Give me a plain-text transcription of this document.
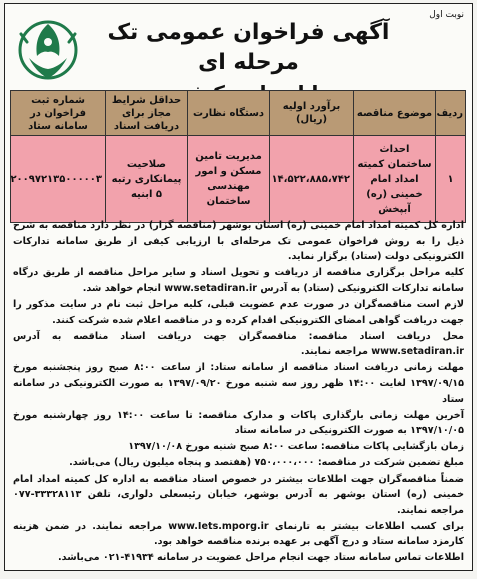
نوبت اول
آگهی فراخوان عمومی تک مرحله ای
ردیف	موضوع مناقصه	برآورد اولیه (ریال)	دستگاه نظارت	حداقل شرایط مجاز برای دریافت اسناد	شماره ثبت فراخوان در سامانه ستاد
۱	احداث ساختمان کمیته امداد امام خمینی (ره) آبپخش	۱۴،۵۲۲،۸۸۵،۷۴۲	مدیریت تامین مسکن و امور مهندسی ساختمان	صلاحیت پیمانکاری رتبه ۵ ابنیه	۲۰۰۹۷۲۱۳۵۰۰۰۰۰۳

اداره کل کمیته امداد امام خمینی (ره) استان بوشهر (مناقصه گزار) در نظر دارد مناقصه به شرح ذیل را به روش فراخوان عمومی تک مرحله‌ای با ارزیابی کیفی از طریق سامانه تدارکات الکترونیکی دولت (ستاد) برگزار نماید.

کلیه مراحل برگزاری مناقصه از دریافت و تحویل اسناد و سایر مراحل مناقصه از طریق درگاه سامانه تدارکات الکترونیکی (ستاد) به آدرس www.setadiran.ir انجام خواهد شد.

لازم است مناقصه‌گران در صورت عدم عضویت قبلی، کلیه مراحل ثبت نام در سایت مذکور را جهت دریافت گواهی امضای الکترونیکی اقدام کرده و در مناقصه اعلام شده شرکت کنند.

محل دریافت اسناد مناقصه: مناقصه‌گران جهت دریافت اسناد مناقصه به آدرس www.setadiran.ir مراجعه نمایند.

مهلت زمانی دریافت اسناد مناقصه از سامانه ستاد: از ساعت ۸:۰۰ صبح روز پنجشنبه مورخ ۱۳۹۷/۰۹/۱۵ لغایت ۱۴:۰۰ ظهر روز سه شنبه مورخ ۱۳۹۷/۰۹/۲۰ به صورت الکترونیکی در سامانه ستاد

آخرین مهلت زمانی بارگذاری پاکات و مدارک مناقصه: تا ساعت ۱۴:۰۰ روز چهارشنبه مورخ ۱۳۹۷/۱۰/۰۵ به صورت الکترونیکی در سامانه ستاد

زمان بازگشایی پاکات مناقصه: ساعت ۸:۰۰ صبح شنبه مورخ ۱۳۹۷/۱۰/۰۸

مبلغ تضمین شرکت در مناقصه: ۷۵۰،۰۰۰،۰۰۰ (هفتصد و پنجاه میلیون ریال) می‌باشد.

ضمناً مناقصه‌گران جهت اطلاعات بیشتر در خصوص اسناد مناقصه به اداره کل کمیته امداد امام خمینی (ره) استان بوشهر به آدرس بوشهر، خیابان رئیسعلی دلواری، تلفن ۳۳۳۲۸۱۱۳-۰۷۷ مراجعه نمایند.

برای کسب اطلاعات بیشتر به تارنمای www.Iets.mporg.ir مراجعه نمایند. در ضمن هزینه کارمزد سامانه ستاد و درج آگهی بر عهده برنده مناقصه خواهد بود.

اطلاعات تماس سامانه ستاد جهت انجام مراحل عضویت در سامانه ۴۱۹۳۴-۰۲۱ می‌باشد.
